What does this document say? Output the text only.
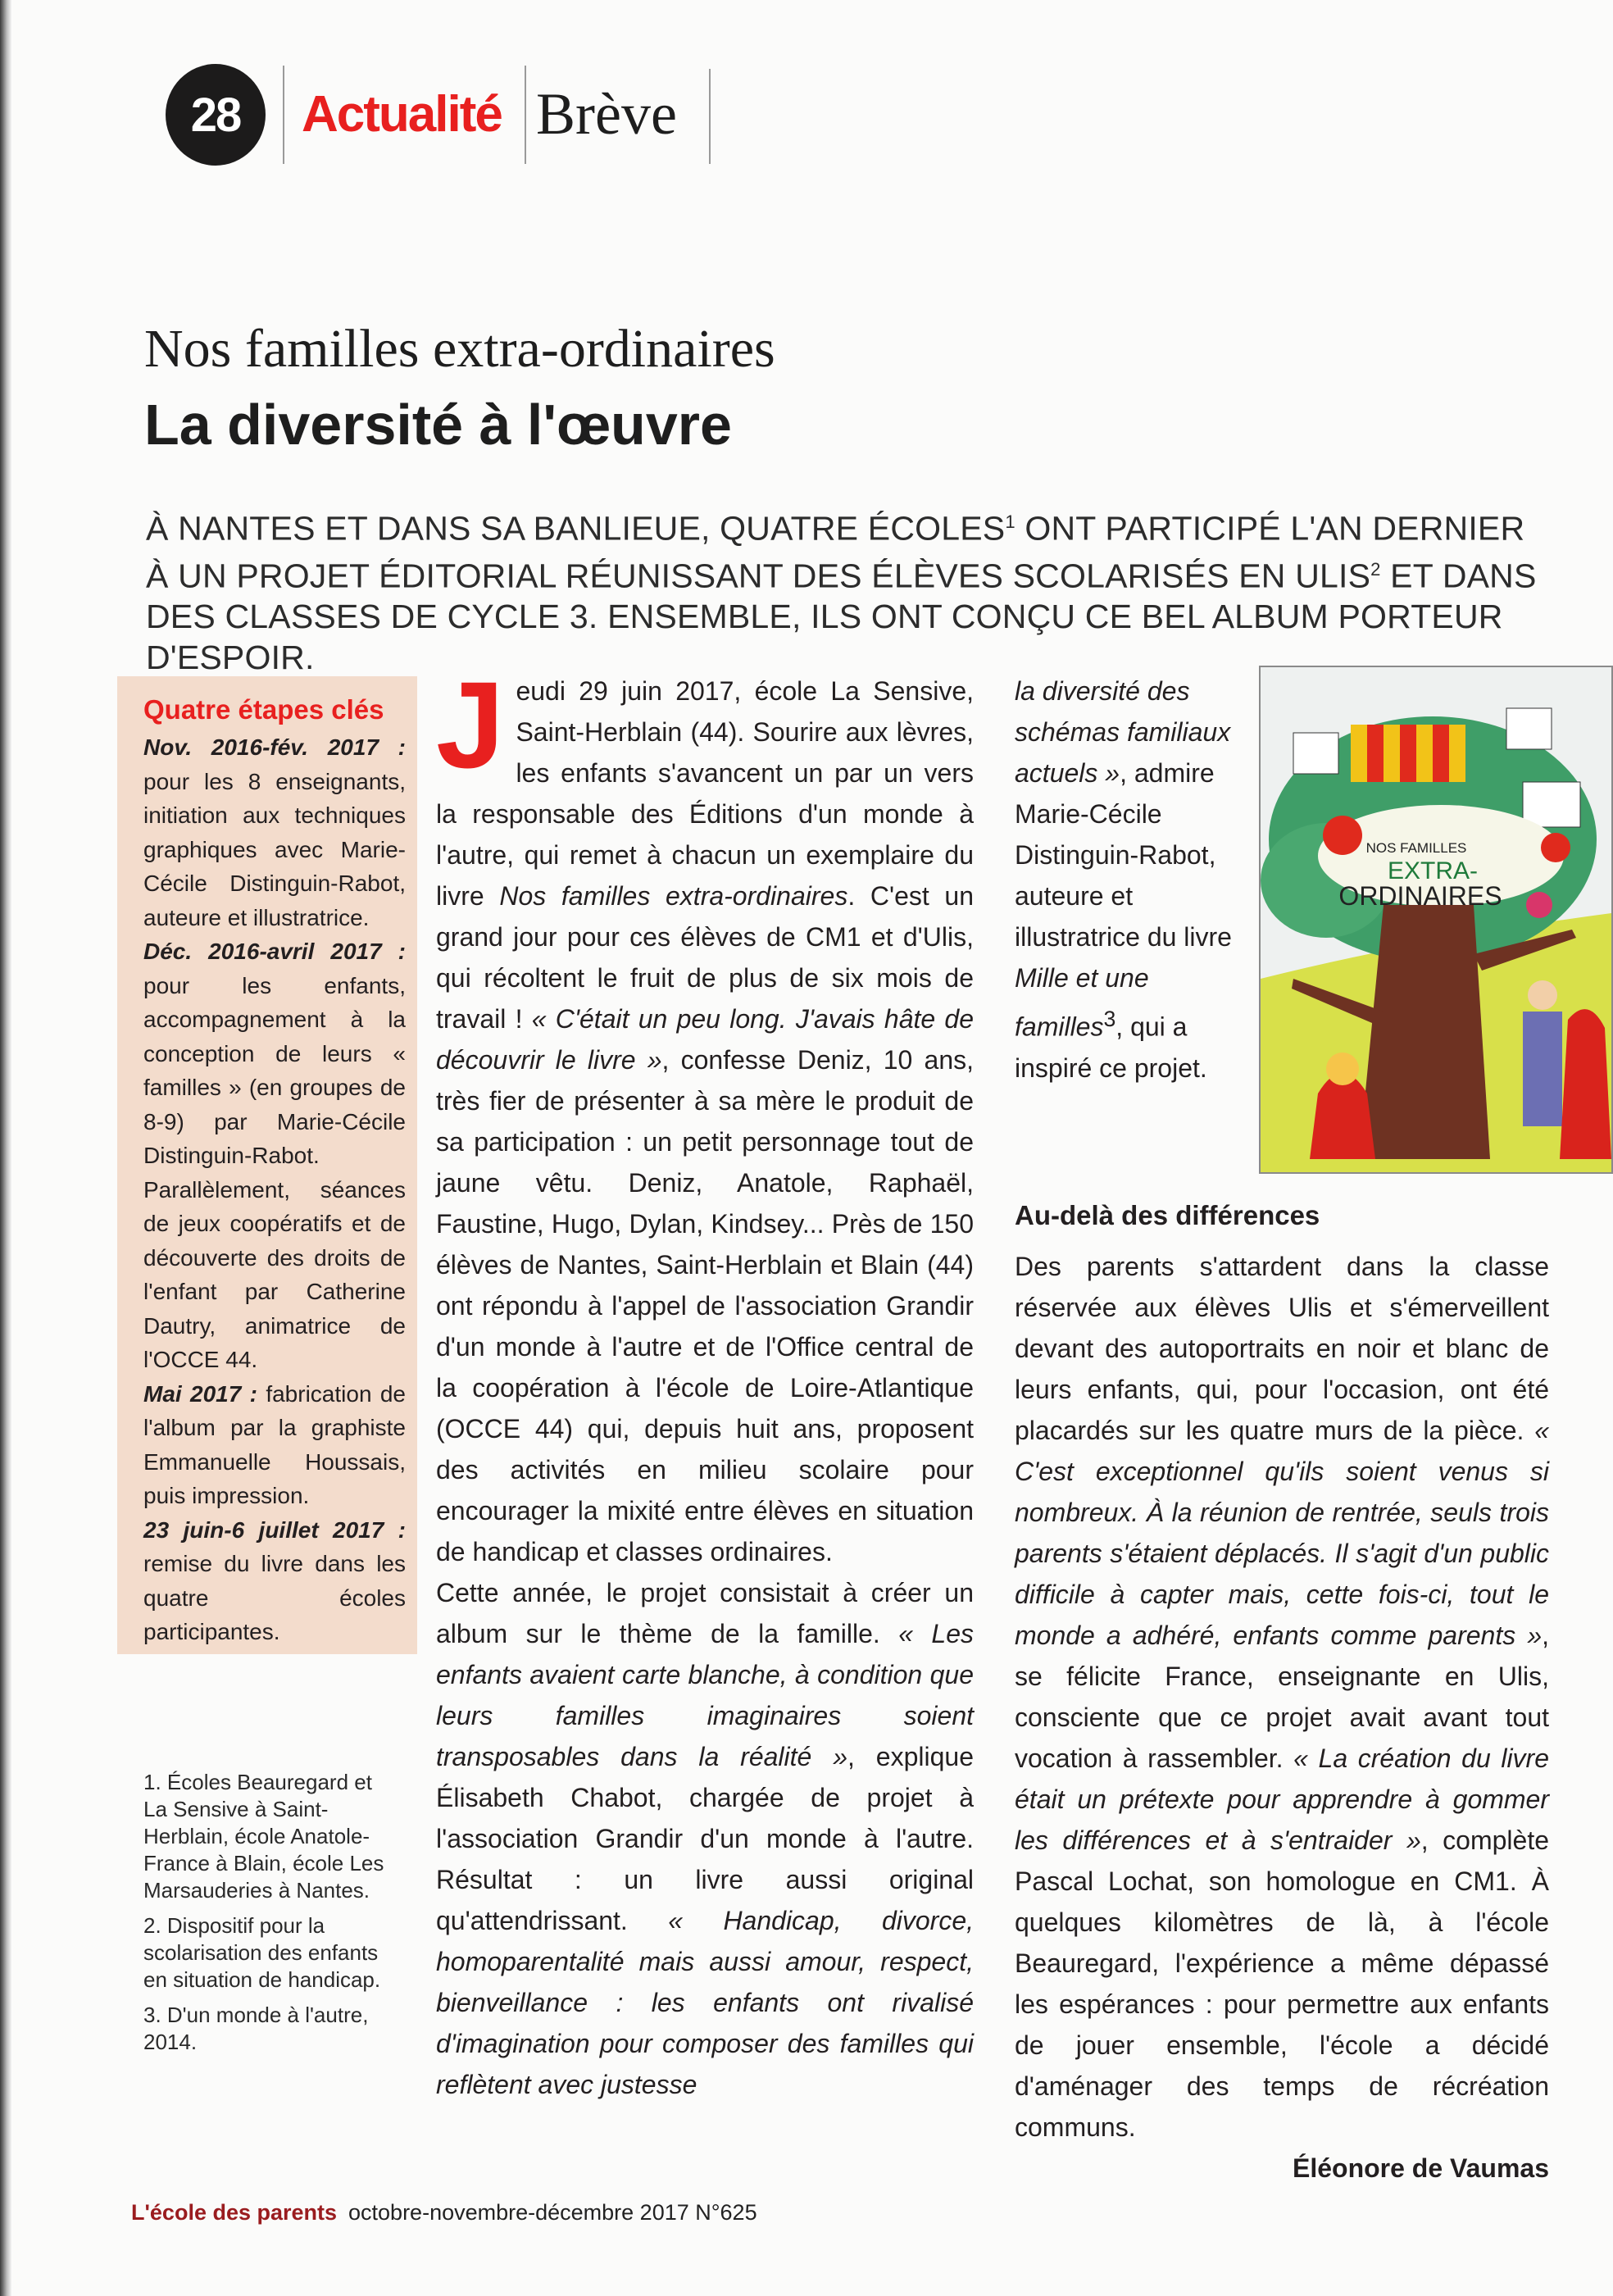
28 Actualité Brève
Nos familles extra-ordinaires
La diversité à l'œuvre
À NANTES ET DANS SA BANLIEUE, QUATRE ÉCOLES$^1$ ONT PARTICIPÉ L'AN DERNIER À UN PROJET ÉDITORIAL RÉUNISSANT DES ÉLÈVES SCOLARISÉS EN ULIS$^2$ ET DANS DES CLASSES DE CYCLE 3. ENSEMBLE, ILS ONT CONÇU CE BEL ALBUM PORTEUR D'ESPOIR.
Quatre étapes clés

Nov. 2016-fév. 2017 : pour les 8 enseignants, initiation aux techniques graphiques avec Marie-Cécile Distinguin-Rabot, auteure et illustratrice.
Déc. 2016-avril 2017 : pour les enfants, accompagnement à la conception de leurs « familles » (en groupes de 8-9) par Marie-Cécile Distinguin-Rabot. Parallèlement, séances de jeux coopératifs et de découverte des droits de l'enfant par Catherine Dautry, animatrice de l'OCCE 44.
Mai 2017 : fabrication de l'album par la graphiste Emmanuelle Houssais, puis impression.
23 juin-6 juillet 2017 : remise du livre dans les quatre écoles participantes.

1. Écoles Beauregard et La Sensive à Saint-Herblain, école Anatole-France à Blain, école Les Marsauderies à Nantes.

2. Dispositif pour la scolarisation des enfants en situation de handicap.

3. D'un monde à l'autre, 2014.

J eudi 29 juin 2017, école La Sensive, Saint-Herblain (44). Sourire aux lèvres, les enfants s'avancent un par un vers la responsable des Éditions d'un monde à l'autre, qui remet à chacun un exemplaire du livre Nos familles extra-ordinaires. C'est un grand jour pour ces élèves de CM1 et d'Ulis, qui récoltent le fruit de plus de six mois de travail ! « C'était un peu long. J'avais hâte de découvrir le livre », confesse Deniz, 10 ans, très fier de présenter à sa mère le produit de sa participation : un petit personnage tout de jaune vêtu. Deniz, Anatole, Raphaël, Faustine, Hugo, Dylan, Kindsey... Près de 150 élèves de Nantes, Saint-Herblain et Blain (44) ont répondu à l'appel de l'association Grandir d'un monde à l'autre et de l'Office central de la coopération à l'école de Loire-Atlantique (OCCE 44) qui, depuis huit ans, proposent des activités en milieu scolaire pour encourager la mixité entre élèves en situation de handicap et classes ordinaires.

Cette année, le projet consistait à créer un album sur le thème de la famille. « Les enfants avaient carte blanche, à condition que leurs familles imaginaires soient transposables dans la réalité », explique Élisabeth Chabot, chargée de projet à l'association Grandir d'un monde à l'autre. Résultat : un livre aussi original qu'attendrissant. « Handicap, divorce, homoparentalité mais aussi amour, respect, bienveillance : les enfants ont rivalisé d'imagination pour composer des familles qui reflètent avec justesse

la diversité des schémas familiaux actuels », admire Marie-Cécile Distinguin-Rabot, auteure et illustratrice du livre Mille et une familles$^3$, qui a inspiré ce projet.

NOS FAMILLES
EXTRA-
ORDINAIRES
Au-delà des différences

Des parents s'attardent dans la classe réservée aux élèves Ulis et s'émerveillent devant des autoportraits en noir et blanc de leurs enfants, qui, pour l'occasion, ont été placardés sur les quatre murs de la pièce. « C'est exceptionnel qu'ils soient venus si nombreux. À la réunion de rentrée, seuls trois parents s'étaient déplacés. Il s'agit d'un public difficile à capter mais, cette fois-ci, tout le monde a adhéré, enfants comme parents », se félicite France, enseignante en Ulis, consciente que ce projet avait avant tout vocation à rassembler. « La création du livre était un prétexte pour apprendre à gommer les différences et à s'entraider », complète Pascal Lochat, son homologue en CM1. À quelques kilomètres de là, à l'école Beauregard, l'expérience a même dépassé les espérances : pour permettre aux enfants de jouer ensemble, l'école a décidé d'aménager des temps de récréation communs.

Éléonore de Vaumas
L'école des parents octobre-novembre-décembre 2017 N°625
